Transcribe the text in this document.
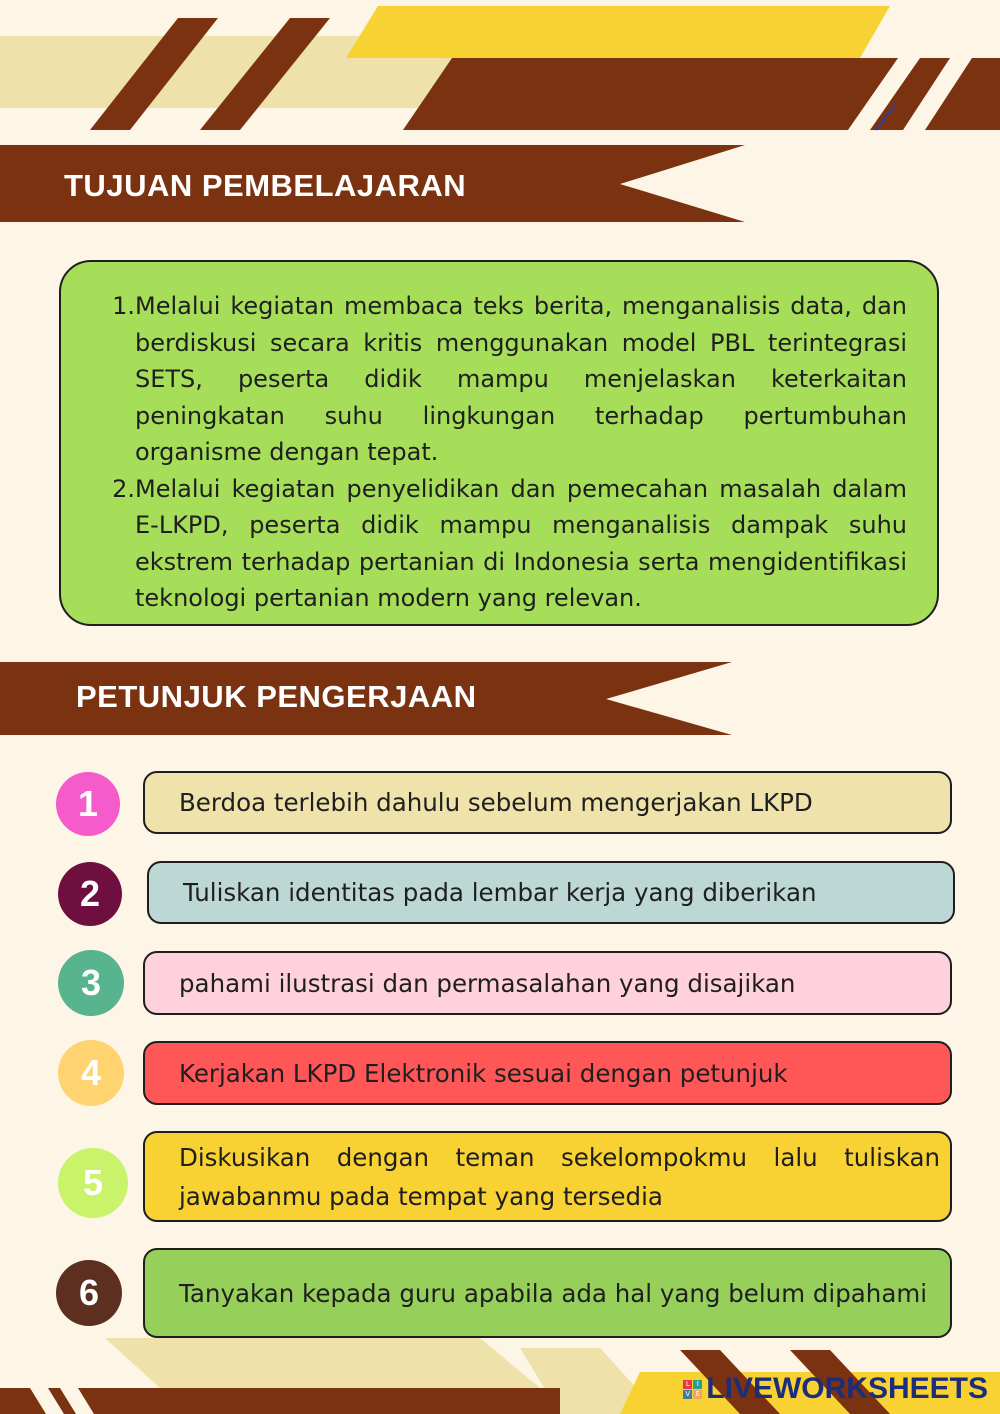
TUJUAN PEMBELAJARAN
1. Melalui kegiatan membaca teks berita, menganalisis data, dan berdiskusi secara kritis menggunakan model PBL terintegrasi SETS, peserta didik mampu menjelaskan keterkaitan peningkatan suhu lingkungan terhadap pertumbuhan organisme dengan tepat.
2. Melalui kegiatan penyelidikan dan pemecahan masalah dalam E-LKPD, peserta didik mampu menganalisis dampak suhu ekstrem terhadap pertanian di Indonesia serta mengidentifikasi teknologi pertanian modern yang relevan.
PETUNJUK PENGERJAAN
1	Berdoa terlebih dahulu sebelum mengerjakan LKPD
2	Tuliskan identitas pada lembar kerja yang diberikan
3	pahami ilustrasi dan permasalahan yang disajikan
4	Kerjakan LKPD Elektronik sesuai dengan petunjuk
5
Diskusikan dengan teman sekelompokmu lalu tuliskan jawabanmu pada tempat yang tersedia
6	Tanyakan kepada guru apabila ada hal yang belum dipahami
L	I
V E LIVEWORKSHEETS
